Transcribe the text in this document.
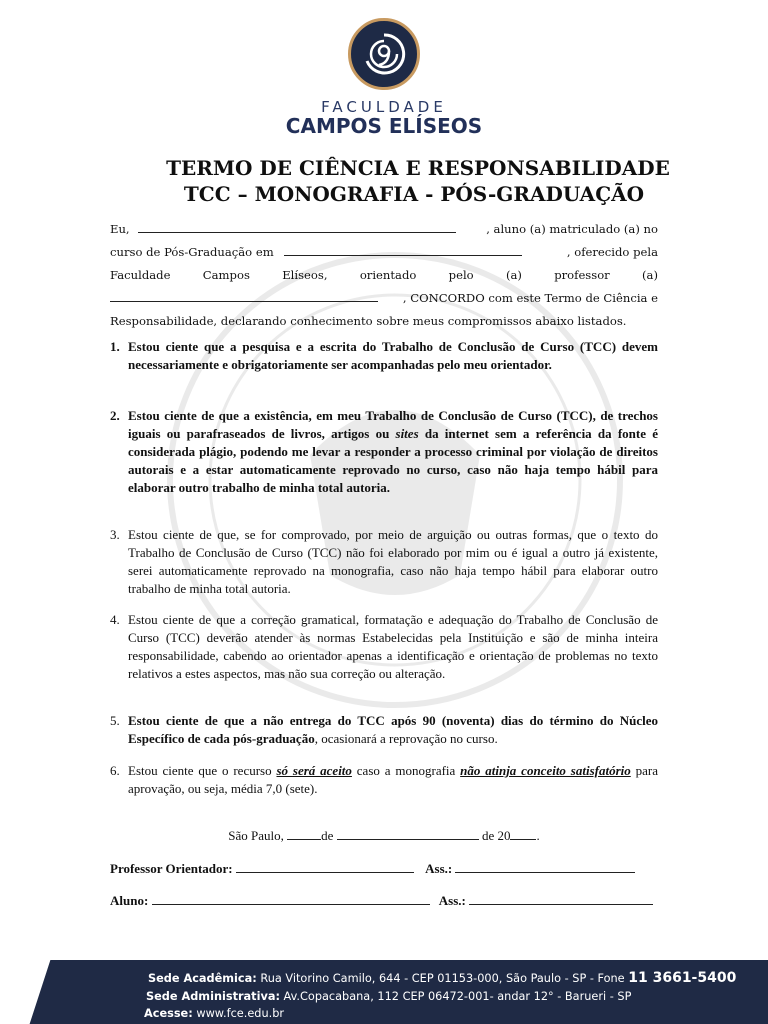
FACULDADE
CAMPOS ELÍSEOS
TERMO DE CIÊNCIA E RESPONSABILIDADE
TCC – MONOGRAFIA - PÓS-GRADUAÇÃO
Eu,	, aluno (a) matriculado (a) no
curso de Pós-Graduação em	, oferecido pela
Faculdade Campos Elíseos, orientado pelo (a) professor (a)
, CONCORDO com este Termo de Ciência e
Responsabilidade, declarando conhecimento sobre meus compromissos abaixo listados.
1. Estou ciente que a pesquisa e a escrita do Trabalho de Conclusão de Curso (TCC) devem necessariamente e obrigatoriamente ser acompanhadas pelo meu orientador.
2. Estou ciente de que a existência, em meu Trabalho de Conclusão de Curso (TCC), de trechos iguais ou parafraseados de livros, artigos ou sites da internet sem a referência da fonte é considerada plágio, podendo me levar a responder a processo criminal por violação de direitos autorais e a estar automaticamente reprovado no curso, caso não haja tempo hábil para elaborar outro trabalho de minha total autoria.
3. Estou ciente de que, se for comprovado, por meio de arguição ou outras formas, que o texto do Trabalho de Conclusão de Curso (TCC) não foi elaborado por mim ou é igual a outro já existente, serei automaticamente reprovado na monografia, caso não haja tempo hábil para elaborar outro trabalho de minha total autoria.
4. Estou ciente de que a correção gramatical, formatação e adequação do Trabalho de Conclusão de Curso (TCC) deverão atender às normas Estabelecidas pela Instituição e são de minha inteira responsabilidade, cabendo ao orientador apenas a identificação e orientação de problemas no texto relativos a estes aspectos, mas não sua correção ou alteração.
5. Estou ciente de que a não entrega do TCC após 90 (noventa) dias do término do Núcleo Específico de cada pós-graduação, ocasionará a reprovação no curso.
6. Estou ciente que o recurso só será aceito caso a monografia não atinja conceito satisfatório para aprovação, ou seja, média 7,0 (sete).
São Paulo,	de	de 20 .
Professor Orientador:	Ass.:
Aluno:	Ass.:
Sede Acadêmica: Rua Vitorino Camilo, 644 - CEP 01153-000, São Paulo - SP - Fone 11 3661-5400
Sede Administrativa: Av.Copacabana, 112 CEP 06472-001- andar 12° - Barueri - SP
Acesse: www.fce.edu.br
